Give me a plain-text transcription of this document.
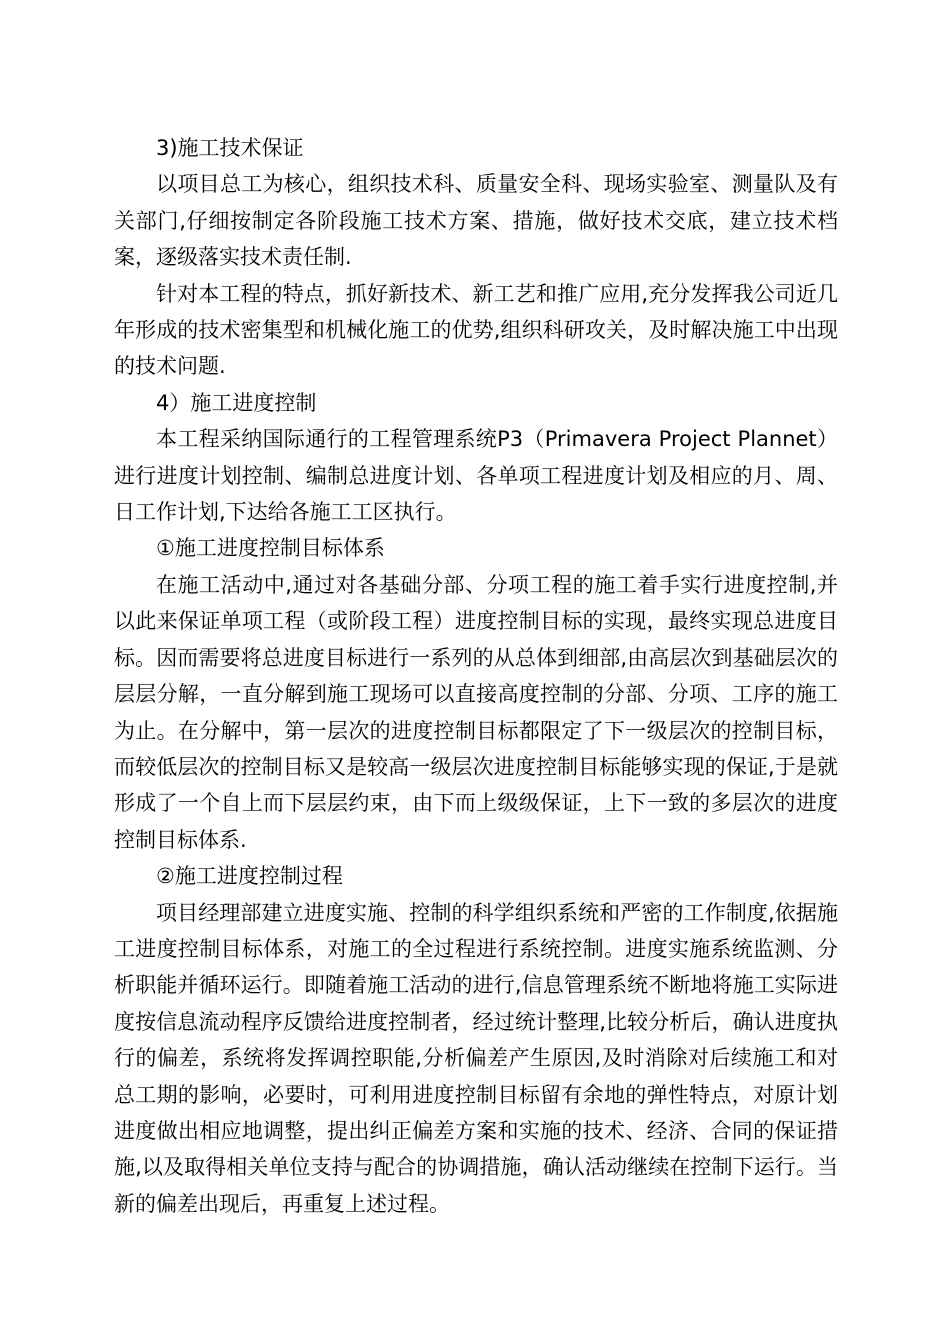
3)施工技术保证

以项目总工为核心，组织技术科、质量安全科、现场实验室、测量队及有关部门,仔细按制定各阶段施工技术方案、措施，做好技术交底，建立技术档案，逐级落实技术责任制.

针对本工程的特点，抓好新技术、新工艺和推广应用,充分发挥我公司近几年形成的技术密集型和机械化施工的优势,组织科研攻关，及时解决施工中出现的技术问题.

4）施工进度控制

本工程采纳国际通行的工程管理系统P3（Primavera Project Plannet）进行进度计划控制、编制总进度计划、各单项工程进度计划及相应的月、周、日工作计划,下达给各施工工区执行。

①施工进度控制目标体系

在施工活动中,通过对各基础分部、分项工程的施工着手实行进度控制,并以此来保证单项工程（或阶段工程）进度控制目标的实现，最终实现总进度目标。因而需要将总进度目标进行一系列的从总体到细部,由高层次到基础层次的层层分解，一直分解到施工现场可以直接高度控制的分部、分项、工序的施工为止。在分解中，第一层次的进度控制目标都限定了下一级层次的控制目标，而较低层次的控制目标又是较高一级层次进度控制目标能够实现的保证,于是就形成了一个自上而下层层约束，由下而上级级保证，上下一致的多层次的进度控制目标体系.

②施工进度控制过程

项目经理部建立进度实施、控制的科学组织系统和严密的工作制度,依据施工进度控制目标体系，对施工的全过程进行系统控制。进度实施系统监测、分析职能并循环运行。即随着施工活动的进行,信息管理系统不断地将施工实际进度按信息流动程序反馈给进度控制者，经过统计整理,比较分析后，确认进度执行的偏差，系统将发挥调控职能,分析偏差产生原因,及时消除对后续施工和对总工期的影响，必要时，可利用进度控制目标留有余地的弹性特点，对原计划进度做出相应地调整，提出纠正偏差方案和实施的技术、经济、合同的保证措施,以及取得相关单位支持与配合的协调措施，确认活动继续在控制下运行。当新的偏差出现后，再重复上述过程。
